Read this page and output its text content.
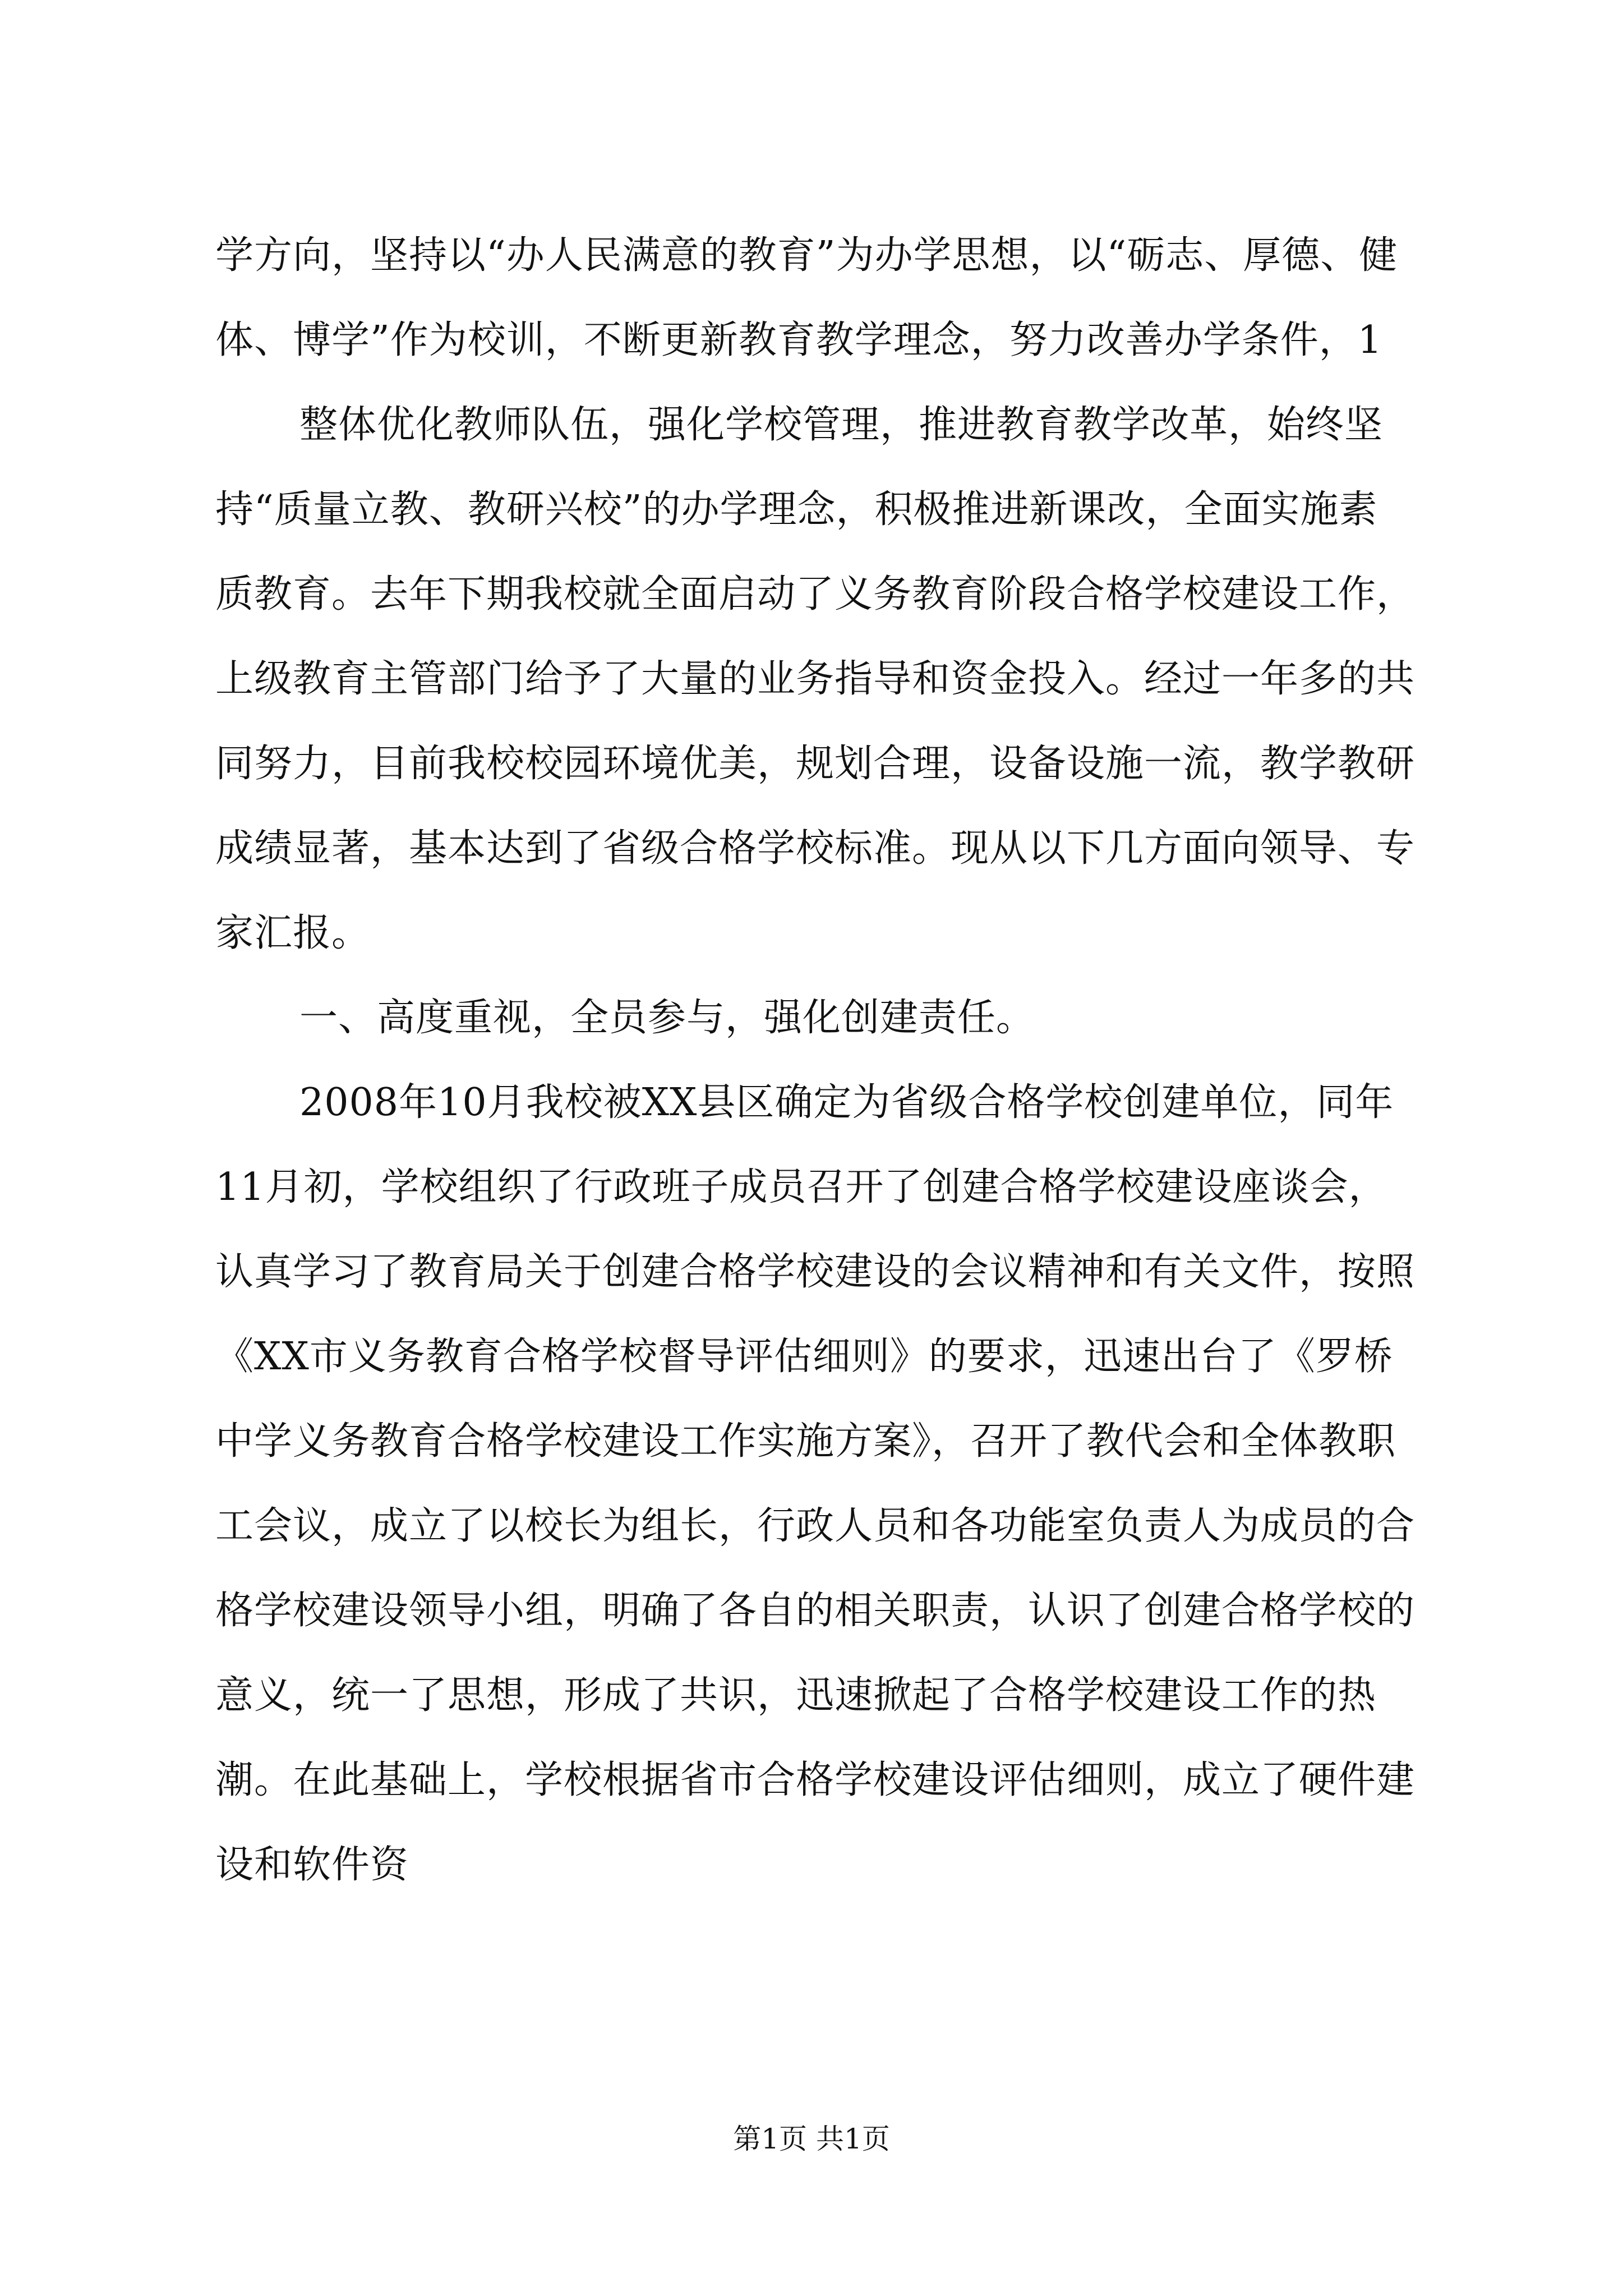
学方向，坚持以“办人民满意的教育”为办学思想，以“砺志、厚德、健体、博学”作为校训，不断更新教育教学理念，努力改善办学条件，1

整体优化教师队伍，强化学校管理，推进教育教学改革，始终坚持“质量立教、教研兴校”的办学理念，积极推进新课改，全面实施素质教育。去年下期我校就全面启动了义务教育阶段合格学校建设工作，上级教育主管部门给予了大量的业务指导和资金投入。经过一年多的共同努力，目前我校校园环境优美，规划合理，设备设施一流，教学教研成绩显著，基本达到了省级合格学校标准。现从以下几方面向领导、专家汇报。

一、高度重视，全员参与，强化创建责任。

2008年10月我校被XX县区确定为省级合格学校创建单位，同年11月初，学校组织了行政班子成员召开了创建合格学校建设座谈会，认真学习了教育局关于创建合格学校建设的会议精神和有关文件，按照《XX市义务教育合格学校督导评估细则》的要求，迅速出台了《罗桥中学义务教育合格学校建设工作实施方案》，召开了教代会和全体教职工会议，成立了以校长为组长，行政人员和各功能室负责人为成员的合格学校建设领导小组，明确了各自的相关职责，认识了创建合格学校的意义，统一了思想，形成了共识，迅速掀起了合格学校建设工作的热潮。在此基础上，学校根据省市合格学校建设评估细则，成立了硬件建设和软件资

第1页 共1页
